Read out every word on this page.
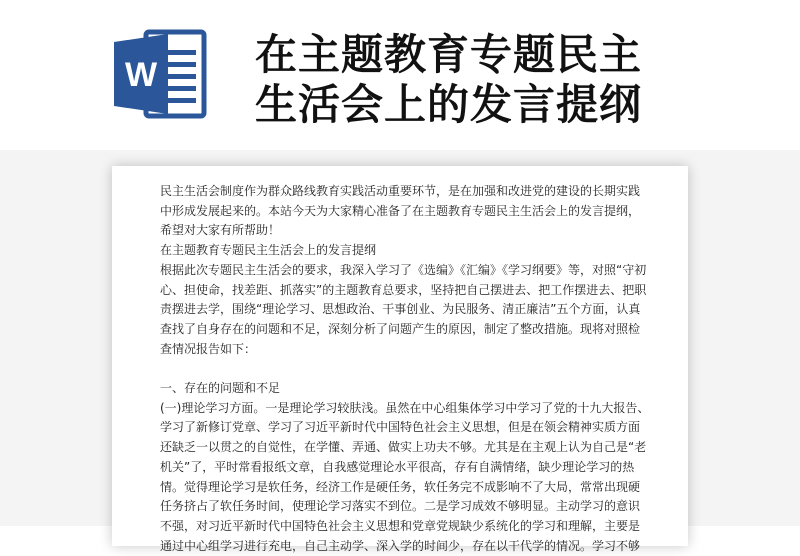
W 在主题教育专题民主
生活会上的发言提纲

民主生活会制度作为群众路线教育实践活动重要环节，是在加强和改进党的建设的长期实践中形成发展起来的。本站今天为大家精心准备了在主题教育专题民主生活会上的发言提纲，希望对大家有所帮助！

在主题教育专题民主生活会上的发言提纲

根据此次专题民主生活会的要求，我深入学习了《选编》《汇编》《学习纲要》等，对照“守初心、担使命，找差距、抓落实”的主题教育总要求，坚持把自己摆进去、把工作摆进去、把职责摆进去学，围绕“理论学习、思想政治、干事创业、为民服务、清正廉洁”五个方面，认真查找了自身存在的问题和不足，深刻分析了问题产生的原因，制定了整改措施。现将对照检查情况报告如下：

一、存在的问题和不足

(一)理论学习方面。一是理论学习较肤浅。虽然在中心组集体学习中学习了党的十九大报告、学习了新修订党章、学习了习近平新时代中国特色社会主义思想，但是在领会精神实质方面还缺乏一以贯之的自觉性，在学懂、弄通、做实上功夫不够。尤其是在主观上认为自己是“老机关”了，平时常看报纸文章，自我感觉理论水平很高，存有自满情绪，缺少理论学习的热情。觉得理论学习是软任务，经济工作是硬任务，软任务完不成影响不了大局，常常出现硬任务挤占了软任务时间，使理论学习落实不到位。二是学习成效不够明显。主动学习的意识不强，对习近平新时代中国特色社会主义思想和党章党规缺少系统化的学习和理解，主要是通过中心组学习进行充电，自己主动学、深入学的时间少，存在以干代学的情况。学习不够
